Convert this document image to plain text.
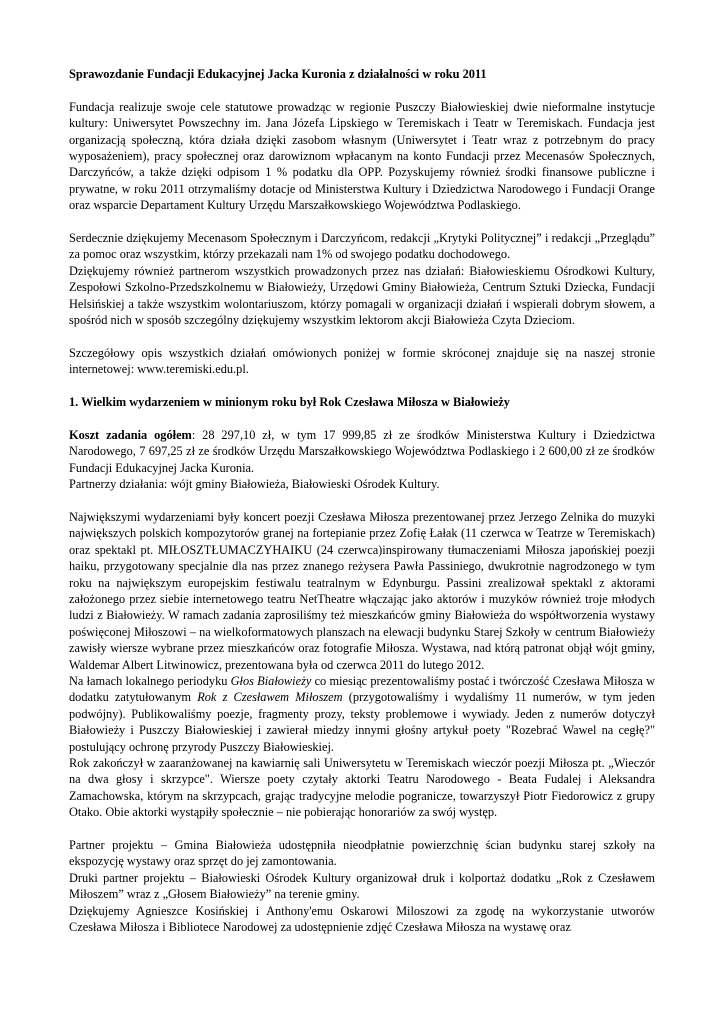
Sprawozdanie Fundacji Edukacyjnej Jacka Kuronia z działalności w roku 2011

Fundacja realizuje swoje cele statutowe prowadząc w regionie Puszczy Białowieskiej dwie nieformalne instytucje kultury: Uniwersytet Powszechny im. Jana Józefa Lipskiego w Teremiskach i Teatr w Teremiskach. Fundacja jest organizacją społeczną, która działa dzięki zasobom własnym (Uniwersytet i Teatr wraz z potrzebnym do pracy wyposażeniem), pracy społecznej oraz darowiznom wpłacanym na konto Fundacji przez Mecenasów Społecznych, Darczyńców, a także dzięki odpisom 1 % podatku dla OPP. Pozyskujemy również środki finansowe publiczne i prywatne, w roku 2011 otrzymaliśmy dotacje od Ministerstwa Kultury i Dziedzictwa Narodowego i Fundacji Orange oraz wsparcie Departament Kultury Urzędu Marszałkowskiego Województwa Podlaskiego.

Serdecznie dziękujemy Mecenasom Społecznym i Darczyńcom, redakcji „Krytyki Politycznej” i redakcji „Przeglądu” za pomoc oraz wszystkim, którzy przekazali nam 1% od swojego podatku dochodowego.

Dziękujemy również partnerom wszystkich prowadzonych przez nas działań: Białowieskiemu Ośrodkowi Kultury, Zespołowi Szkolno-Przedszkolnemu w Białowieży, Urzędowi Gminy Białowieża, Centrum Sztuki Dziecka, Fundacji Helsińskiej a także wszystkim wolontariuszom, którzy pomagali w organizacji działań i wspierali dobrym słowem, a spośród nich w sposób szczególny dziękujemy wszystkim lektorom akcji Białowieża Czyta Dzieciom.

Szczegółowy opis wszystkich działań omówionych poniżej w formie skróconej znajduje się na naszej stronie internetowej: www.teremiski.edu.pl.

1. Wielkim wydarzeniem w minionym roku był Rok Czesława Miłosza w Białowieży

Koszt zadania ogółem: 28 297,10 zł, w tym 17 999,85 zł ze środków Ministerstwa Kultury i Dziedzictwa Narodowego, 7 697,25 zł ze środków Urzędu Marszałkowskiego Województwa Podlaskiego i 2 600,00 zł ze środków Fundacji Edukacyjnej Jacka Kuronia.

Partnerzy działania: wójt gminy Białowieża, Białowieski Ośrodek Kultury.

Największymi wydarzeniami były koncert poezji Czesława Miłosza prezentowanej przez Jerzego Zelnika do muzyki największych polskich kompozytorów granej na fortepianie przez Zofię Łałak (11 czerwca w Teatrze w Teremiskach) oraz spektakl pt. MIŁOSZTŁUMACZYHAIKU (24 czerwca)inspirowany tłumaczeniami Miłosza japońskiej poezji haiku, przygotowany specjalnie dla nas przez znanego reżysera Pawła Passiniego, dwukrotnie nagrodzonego w tym roku na największym europejskim festiwalu teatralnym w Edynburgu. Passini zrealizował spektakl z aktorami założonego przez siebie internetowego teatru NetTheatre włączając jako aktorów i muzyków również troje młodych ludzi z Białowieży. W ramach zadania zaprosiliśmy też mieszkańców gminy Białowieża do współtworzenia wystawy poświęconej Miłoszowi – na wielkoformatowych planszach na elewacji budynku Starej Szkoły w centrum Białowieży zawisły wiersze wybrane przez mieszkańców oraz fotografie Miłosza. Wystawa, nad którą patronat objął wójt gminy, Waldemar Albert Litwinowicz, prezentowana była od czerwca 2011 do lutego 2012.

Na łamach lokalnego periodyku Głos Białowieży co miesiąc prezentowaliśmy postać i twórczość Czesława Miłosza w dodatku zatytułowanym Rok z Czesławem Miłoszem (przygotowaliśmy i wydaliśmy 11 numerów, w tym jeden podwójny). Publikowaliśmy poezje, fragmenty prozy, teksty problemowe i wywiady. Jeden z numerów dotyczył Białowieży i Puszczy Białowieskiej i zawierał miedzy innymi głośny artykuł poety "Rozebrać Wawel na cegłę?" postulujący ochronę przyrody Puszczy Białowieskiej.

Rok zakończył w zaaranżowanej na kawiarnię sali Uniwersytetu w Teremiskach wieczór poezji Miłosza pt. „Wieczór na dwa głosy i skrzypce". Wiersze poety czytały aktorki Teatru Narodowego - Beata Fudalej i Aleksandra Zamachowska, którym na skrzypcach, grając tradycyjne melodie pogranicze, towarzyszył Piotr Fiedorowicz z grupy Otako. Obie aktorki wystąpiły społecznie – nie pobierając honorariów za swój występ.

Partner projektu – Gmina Białowieża udostępniła nieodpłatnie powierzchnię ścian budynku starej szkoły na ekspozycję wystawy oraz sprzęt do jej zamontowania.

Druki partner projektu – Białowieski Ośrodek Kultury organizował druk i kolportaż dodatku „Rok z Czesławem Miłoszem” wraz z „Głosem Białowieży” na terenie gminy.

Dziękujemy Agnieszce Kosińskiej i Anthony'emu Oskarowi Miloszowi za zgodę na wykorzystanie utworów Czesława Miłosza i Bibliotece Narodowej za udostępnienie zdjęć Czesława Miłosza na wystawę oraz
